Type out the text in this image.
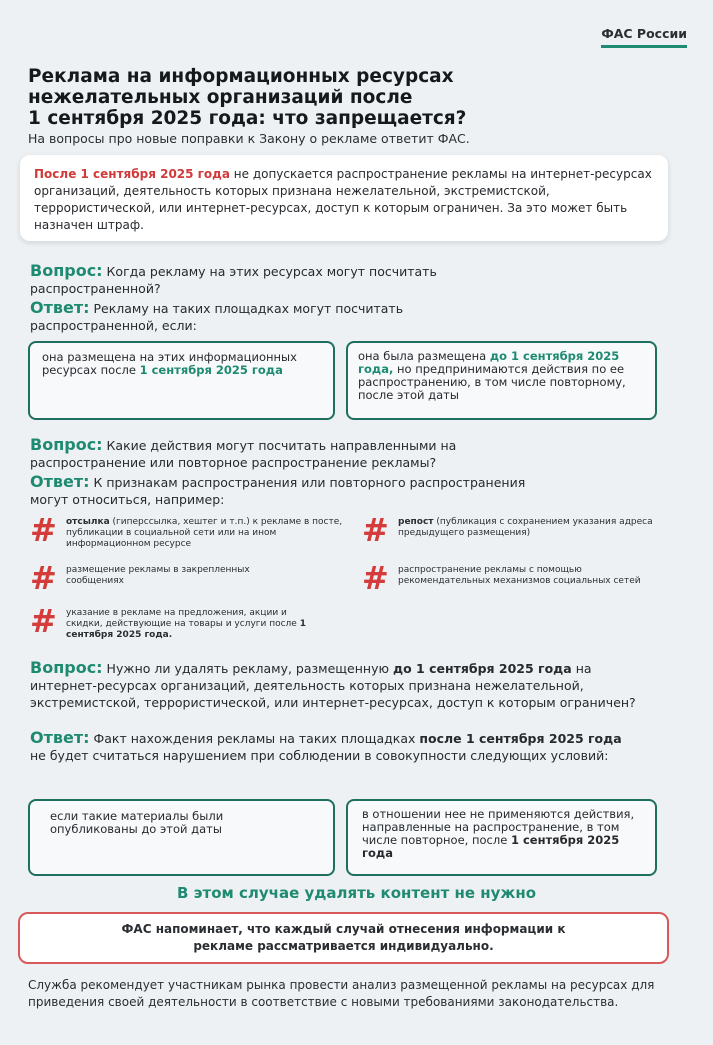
ФАС России
Реклама на информационных ресурсах
нежелательных организаций после
1 сентября 2025 года: что запрещается?
На вопросы про новые поправки к Закону о рекламе ответит ФАС.
После 1 сентября 2025 года не допускается распространение рекламы на интернет-ресурсах организаций, деятельность которых признана нежелательной, экстремистской, террористической, или интернет-ресурсах, доступ к которым ограничен. За это может быть назначен штраф.
Вопрос: Когда рекламу на этих ресурсах могут посчитать распространенной?
Ответ: Рекламу на таких площадках могут посчитать распространенной, если:
она размещена на этих информационных ресурсах после 1 сентября 2025 года
она была размещена до 1 сентября 2025 года, но предпринимаются действия по ее распространению, в том числе повторному, после этой даты
Вопрос: Какие действия могут посчитать направленными на распространение или повторное распространение рекламы?
Ответ: К признакам распространения или повторного распространения могут относиться, например:
#	отсылка (гиперссылка, хештег и т.п.) к рекламе в посте, публикации в социальной сети или на ином информационном ресурсе	#	репост (публикация с сохранением указания адреса предыдущего размещения)
#	размещение рекламы в закрепленных сообщениях	#	распространение рекламы с помощью рекомендательных механизмов социальных сетей
#	указание в рекламе на предложения, акции и скидки, действующие на товары и услуги после 1 сентября 2025 года.
Вопрос: Нужно ли удалять рекламу, размещенную до 1 сентября 2025 года на интернет-ресурсах организаций, деятельность которых признана нежелательной, экстремистской, террористической, или интернет-ресурсах, доступ к которым ограничен?
Ответ: Факт нахождения рекламы на таких площадках после 1 сентября 2025 года не будет считаться нарушением при соблюдении в совокупности следующих условий:
если такие материалы были опубликованы до этой даты
в отношении нее не применяются действия, направленные на распространение, в том числе повторное, после 1 сентября 2025 года
В этом случае удалять контент не нужно
ФАС напоминает, что каждый случай отнесения информации к рекламе рассматривается индивидуально.
Служба рекомендует участникам рынка провести анализ размещенной рекламы на ресурсах для приведения своей деятельности в соответствие с новыми требованиями законодательства.
